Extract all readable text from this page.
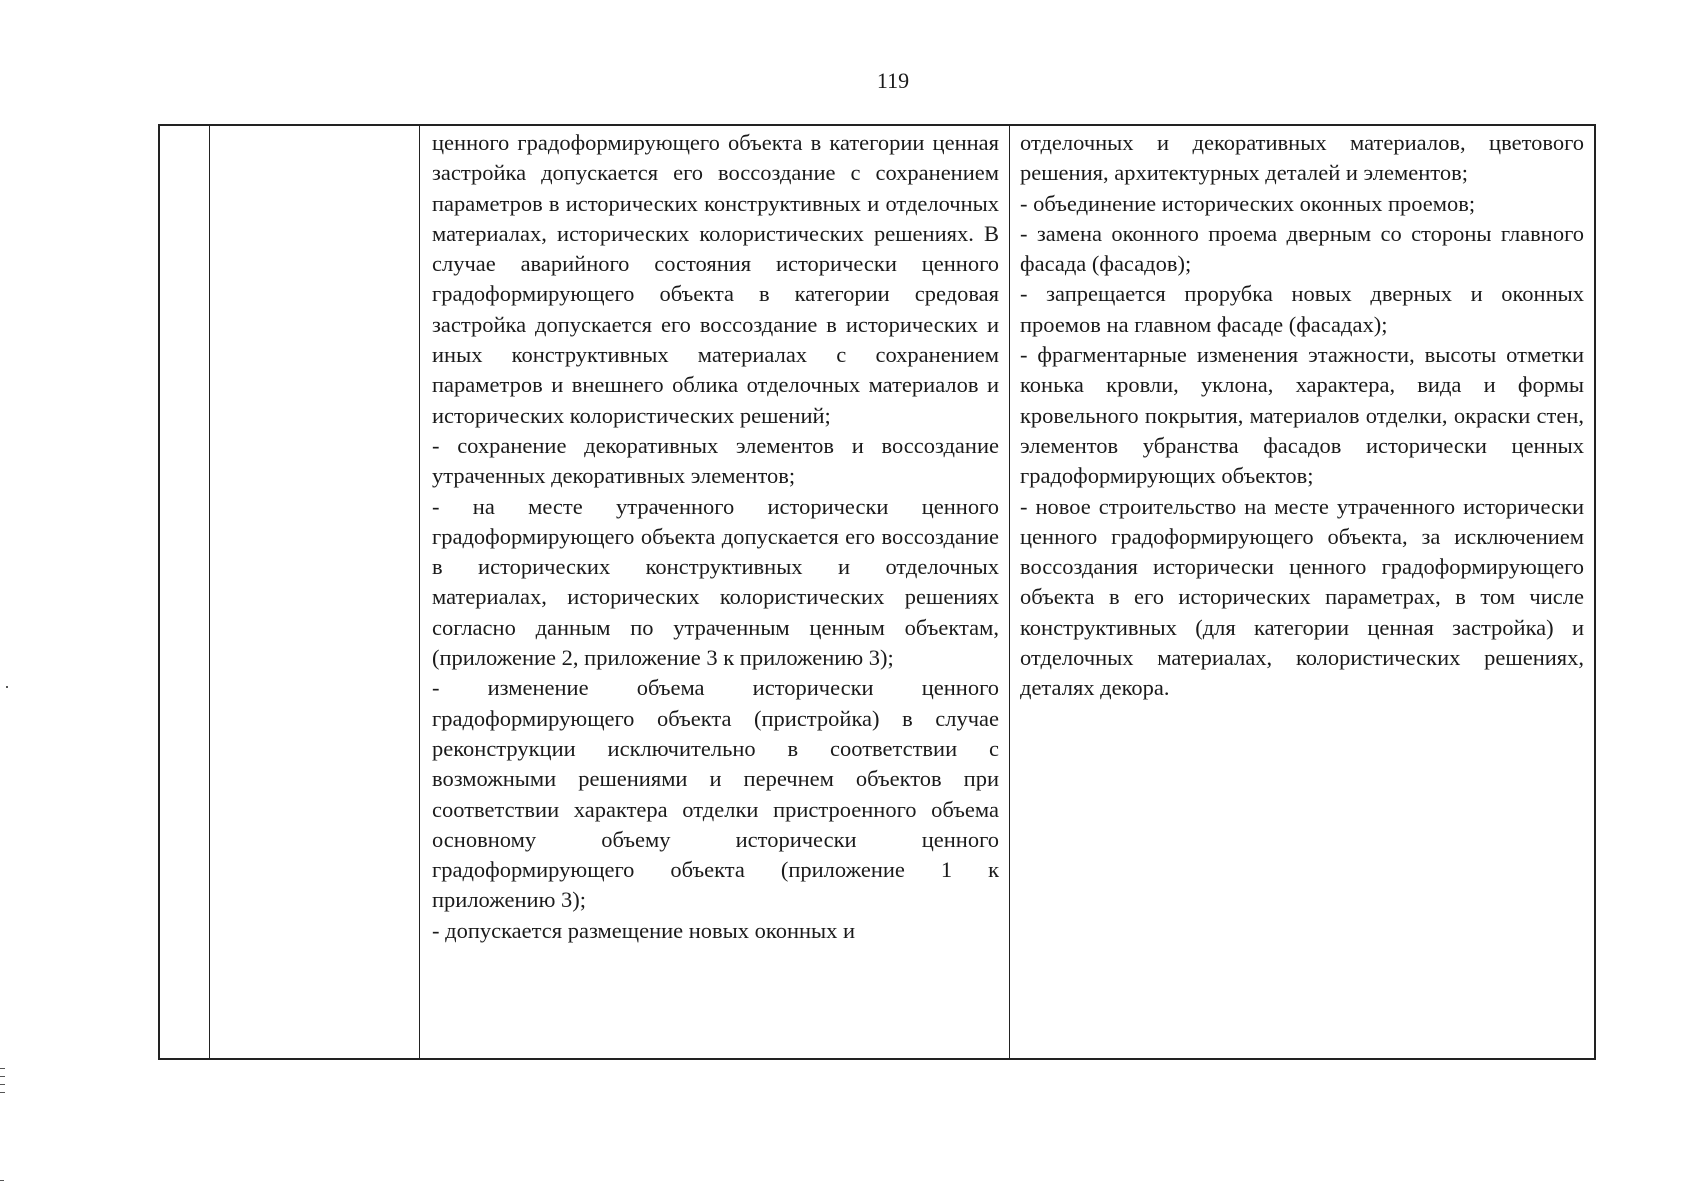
119

ценного градоформирующего объекта в категории ценная застройка допускается его воссоздание с сохранением параметров в исторических конструктивных и отделочных материалах, исторических колористических решениях. В случае аварийного состояния исторически ценного градоформирующего объекта в категории средовая застройка допускается его воссоздание в исторических и иных конструктивных материалах с сохранением параметров и внешнего облика отделочных материалов и исторических колористических решений;

- сохранение декоративных элементов и воссоздание утраченных декоративных элементов;

- на месте утраченного исторически ценного градоформирующего объекта допускается его воссоздание в исторических конструктивных и отделочных материалах, исторических колористических решениях согласно данным по утраченным ценным объектам, (приложение 2, приложение 3 к приложению 3);

- изменение объема исторически ценного градоформирующего объекта (пристройка) в случае реконструкции исключительно в соответствии с возможными решениями и перечнем объектов при соответствии характера отделки пристроенного объема основному объему исторически ценного градоформирующего объекта (приложение 1 к приложению 3);

- допускается размещение новых оконных и

отделочных и декоративных материалов, цветового решения, архитектурных деталей и элементов;

- объединение исторических оконных проемов;

- замена оконного проема дверным со стороны главного фасада (фасадов);

- запрещается прорубка новых дверных и оконных проемов на главном фасаде (фасадах);

- фрагментарные изменения этажности, высоты отметки конька кровли, уклона, характера, вида и формы кровельного покрытия, материалов отделки, окраски стен, элементов убранства фасадов исторически ценных градоформирующих объектов;

- новое строительство на месте утраченного исторически ценного градоформирующего объекта, за исключением воссоздания исторически ценного градоформирующего объекта в его исторических параметрах, в том числе конструктивных (для категории ценная застройка) и отделочных материалах, колористических решениях, деталях декора.
